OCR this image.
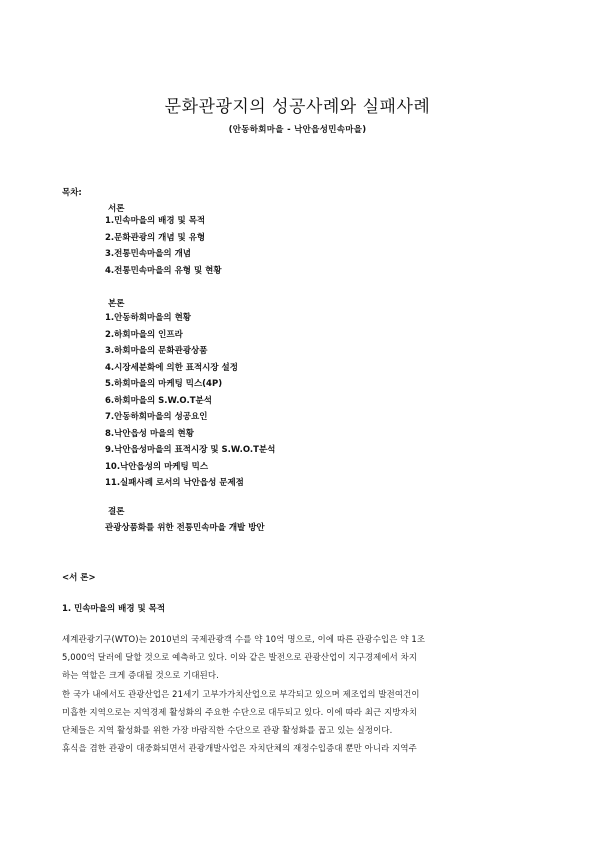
문화관광지의 성공사례와 실패사례
(안동하회마을 - 낙안읍성민속마을)
목차:
서론
1.민속마을의 배경 및 목적
2.문화관광의 개념 및 유형
3.전통민속마을의 개념
4.전통민속마을의 유형 및 현황
본론
1.안동하회마을의 현황
2.하회마을의 인프라
3.하회마을의 문화관광상품
4.시장세분화에 의한 표적시장 설정
5.하회마을의 마케팅 믹스(4P)
6.하회마을의 S.W.O.T분석
7.안동하회마을의 성공요인
8.낙안읍성 마을의 현황
9.낙안읍성마을의 표적시장 및 S.W.O.T분석
10.낙안읍성의 마케팅 믹스
11.실패사례 로서의 낙안읍성 문제점
결론
관광상품화를 위한 전통민속마을 개발 방안
<서 론>
1. 민속마을의 배경 및 목적
세계관광기구(WTO)는 2010년의 국제관광객 수를 약 10억 명으로, 이에 따른 관광수입은 약 1조
5,000억 달러에 달할 것으로 예측하고 있다. 이와 같은 발전으로 관광산업이 지구경제에서 차지
하는 역할은 크게 증대될 것으로 기대된다.
한 국가 내에서도 관광산업은 21세기 고부가가치산업으로 부각되고 있으며 제조업의 발전여건이
미흡한 지역으로는 지역경제 활성화의 주요한 수단으로 대두되고 있다. 이에 따라 최근 지방자치
단체들은 지역 활성화를 위한 가장 바람직한 수단으로 관광 활성화를 꼽고 있는 실정이다.
휴식을 겸한 관광이 대중화되면서 관광개발사업은 자치단체의 재정수입증대 뿐만 아니라 지역주
